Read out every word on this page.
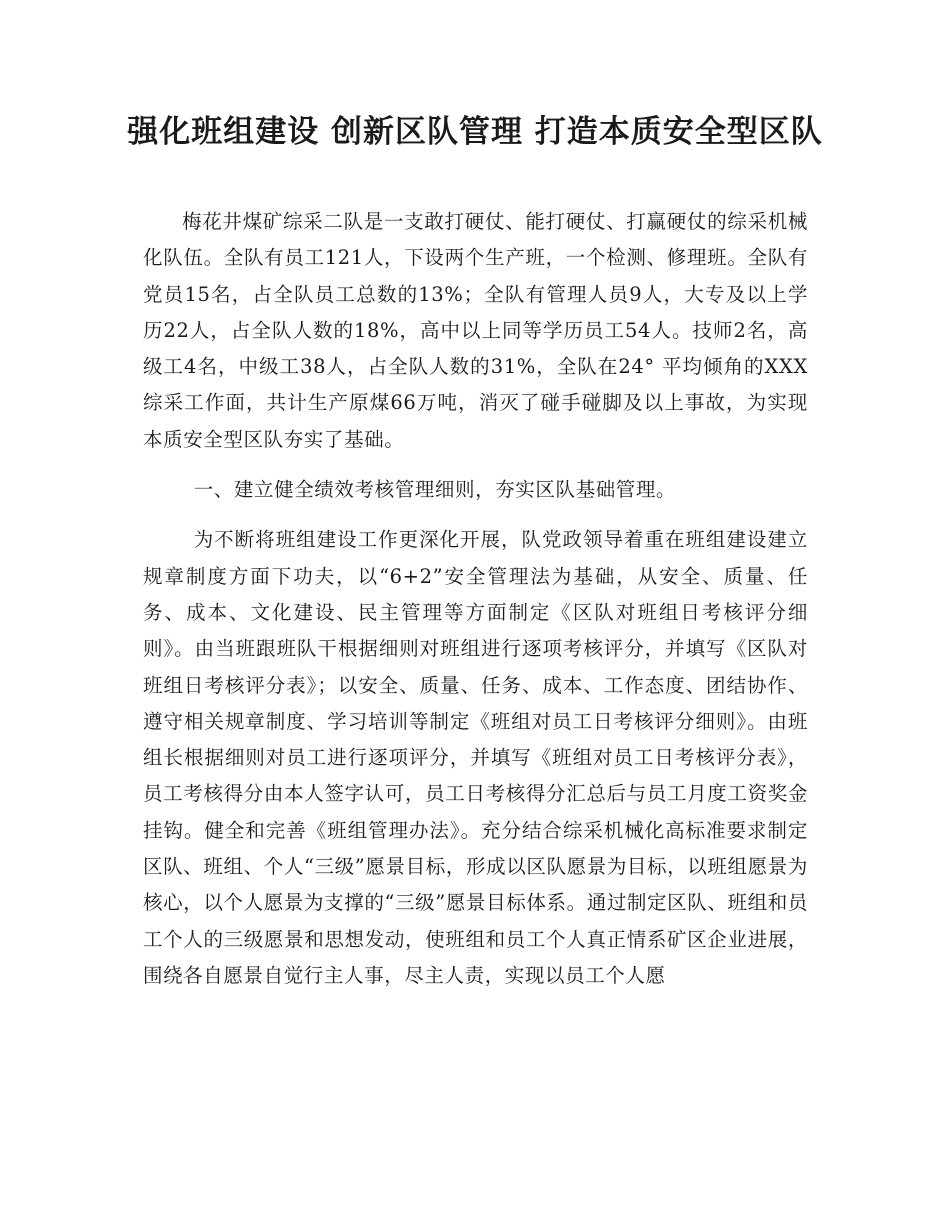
强化班组建设 创新区队管理 打造本质安全型区队

梅花井煤矿综采二队是一支敢打硬仗、能打硬仗、打赢硬仗的综采机械化队伍。全队有员工121人，下设两个生产班，一个检测、修理班。全队有党员15名，占全队员工总数的13%；全队有管理人员9人，大专及以上学历22人，占全队人数的18%，高中以上同等学历员工54人。技师2名，高级工4名，中级工38人，占全队人数的31%，全队在24° 平均倾角的XXX综采工作面，共计生产原煤66万吨，消灭了碰手碰脚及以上事故，为实现本质安全型区队夯实了基础。

一、建立健全绩效考核管理细则，夯实区队基础管理。

为不断将班组建设工作更深化开展，队党政领导着重在班组建设建立规章制度方面下功夫，以“6+2”安全管理法为基础，从安全、质量、任务、成本、文化建设、民主管理等方面制定《区队对班组日考核评分细则》。由当班跟班队干根据细则对班组进行逐项考核评分，并填写《区队对班组日考核评分表》；以安全、质量、任务、成本、工作态度、团结协作、遵守相关规章制度、学习培训等制定《班组对员工日考核评分细则》。由班组长根据细则对员工进行逐项评分，并填写《班组对员工日考核评分表》，员工考核得分由本人签字认可，员工日考核得分汇总后与员工月度工资奖金挂钩。健全和完善《班组管理办法》。充分结合综采机械化高标准要求制定区队、班组、个人“三级”愿景目标，形成以区队愿景为目标，以班组愿景为核心，以个人愿景为支撑的“三级”愿景目标体系。通过制定区队、班组和员工个人的三级愿景和思想发动，使班组和员工个人真正情系矿区企业进展，围绕各自愿景自觉行主人事，尽主人责，实现以员工个人愿
